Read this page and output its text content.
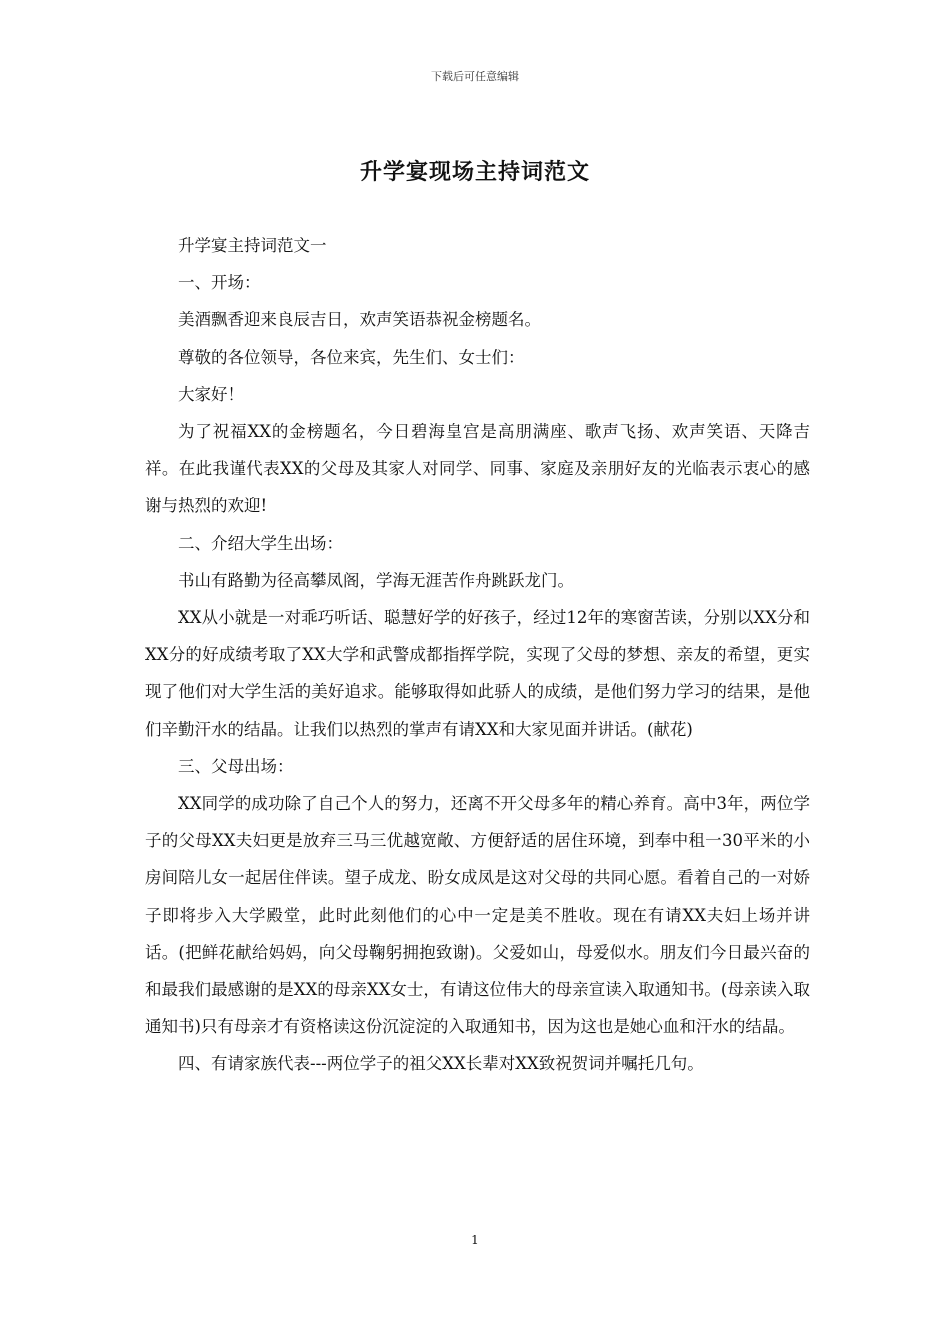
下载后可任意编辑
升学宴现场主持词范文

升学宴主持词范文一

一、开场：

美酒飘香迎来良辰吉日，欢声笑语恭祝金榜题名。

尊敬的各位领导，各位来宾，先生们、女士们：

大家好！

为了祝福XX的金榜题名，今日碧海皇宫是高朋满座、歌声飞扬、欢声笑语、天降吉祥。在此我谨代表XX的父母及其家人对同学、同事、家庭及亲朋好友的光临表示衷心的感谢与热烈的欢迎!

二、介绍大学生出场：

书山有路勤为径高攀凤阁，学海无涯苦作舟跳跃龙门。

XX从小就是一对乖巧听话、聪慧好学的好孩子，经过12年的寒窗苦读，分别以XX分和XX分的好成绩考取了XX大学和武警成都指挥学院，实现了父母的梦想、亲友的希望，更实现了他们对大学生活的美好追求。能够取得如此骄人的成绩，是他们努力学习的结果，是他们辛勤汗水的结晶。让我们以热烈的掌声有请XX和大家见面并讲话。(献花)

三、父母出场：

XX同学的成功除了自己个人的努力，还离不开父母多年的精心养育。高中3年，两位学子的父母XX夫妇更是放弃三马三优越宽敞、方便舒适的居住环境，到奉中租一30平米的小房间陪儿女一起居住伴读。望子成龙、盼女成凤是这对父母的共同心愿。看着自己的一对娇子即将步入大学殿堂，此时此刻他们的心中一定是美不胜收。现在有请XX夫妇上场并讲话。(把鲜花献给妈妈，向父母鞠躬拥抱致谢)。父爱如山，母爱似水。朋友们今日最兴奋的和最我们最感谢的是XX的母亲XX女士，有请这位伟大的母亲宣读入取通知书。(母亲读入取通知书)只有母亲才有资格读这份沉淀淀的入取通知书，因为这也是她心血和汗水的结晶。

四、有请家族代表---两位学子的祖父XX长辈对XX致祝贺词并嘱托几句。

1
